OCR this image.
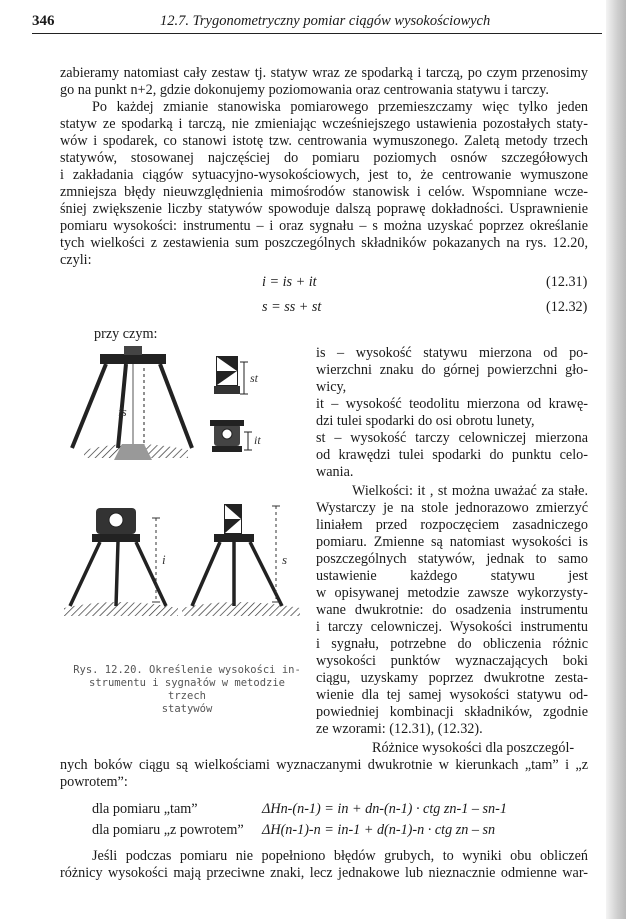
346	12.7. Trygonometryczny pomiar ciągów wysokościowych
zabieramy natomiast cały zestaw tj. statyw wraz ze spodarką i tarczą, po czym przenosimy
go na punkt n+2, gdzie dokonujemy poziomowania oraz centrowania statywu i tarczy.
Po każdej zmianie stanowiska pomiarowego przemieszczamy więc tylko jeden
statyw ze spodarką i tarczą, nie zmieniając wcześniejszego ustawienia pozostałych staty-
wów i spodarek, co stanowi istotę tzw. centrowania wymuszonego. Zaletą metody trzech
statywów, stosowanej najczęściej do pomiaru poziomych osnów szczegółowych
i zakładania ciągów sytuacyjno-wysokościowych, jest to, że centrowanie wymuszone
zmniejsza błędy nieuwzględnienia mimośrodów stanowisk i celów. Wspomniane wcze-
śniej zwiększenie liczby statywów spowoduje dalszą poprawę dokładności. Usprawnienie
pomiaru wysokości: instrumentu – i oraz sygnału – s można uzyskać poprzez określanie
tych wielkości z zestawienia sum poszczególnych składników pokazanych na rys. 12.20,
czyli:
i = is + it	(12.31)
s = ss + st	(12.32)
przy czym:
is
st
it
i	s
is – wysokość statywu mierzona od po-
wierzchni znaku do górnej powierzchni gło-
wicy,
it – wysokość teodolitu mierzona od krawę-
dzi tulei spodarki do osi obrotu lunety,
st – wysokość tarczy celowniczej mierzona
od krawędzi tulei spodarki do punktu celo-
wania.
Wielkości: it , st można uważać za stałe.
Wystarczy je na stole jednorazowo zmierzyć
liniałem przed rozpoczęciem zasadniczego
pomiaru. Zmienne są natomiast wysokości is
poszczególnych statywów, jednak to samo
ustawienie każdego statywu jest
w opisywanej metodzie zawsze wykorzysty-
wane dwukrotnie: do osadzenia instrumentu
i tarczy celowniczej. Wysokości instrumentu
i sygnału, potrzebne do obliczenia różnic
wysokości punktów wyznaczających boki
ciągu, uzyskamy poprzez dwukrotne zesta-
wienie dla tej samej wysokości statywu od-
powiedniej kombinacji składników, zgodnie
ze wzorami: (12.31), (12.32).
Rys. 12.20. Określenie wysokości in-
strumentu i sygnałów w metodzie trzech
statywów
Różnice wysokości dla poszczegól-
nych boków ciągu są wielkościami wyznaczanymi dwukrotnie w kierunkach „tam” i „z
powrotem”:
dla pomiaru „tam”	ΔHn-(n-1) = in + dn-(n-1) · ctg zn-1 – sn-1
dla pomiaru „z powrotem” ΔH(n-1)-n = in-1 + d(n-1)-n · ctg zn – sn
Jeśli podczas pomiaru nie popełniono błędów grubych, to wyniki obu obliczeń
różnicy wysokości mają przeciwne znaki, lecz jednakowe lub nieznacznie odmienne war-
